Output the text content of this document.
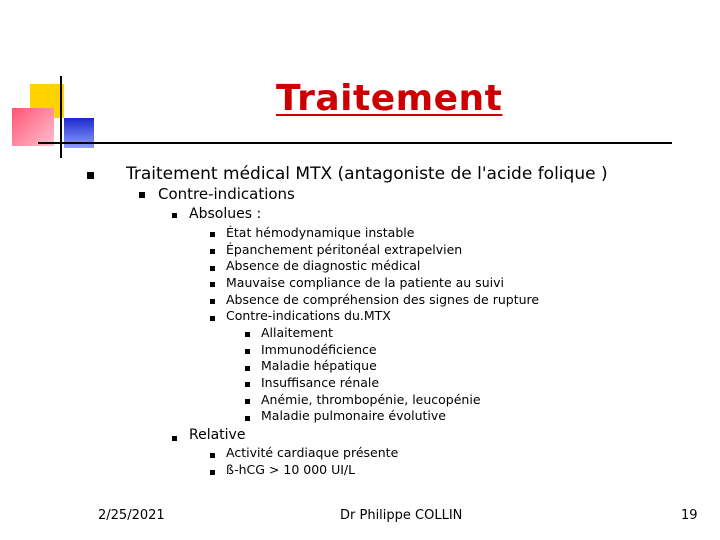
Traitement
Traitement médical MTX (antagoniste de l'acide folique )
Contre-indications
Absolues :
État hémodynamique instable
Épanchement péritonéal extrapelvien
Absence de diagnostic médical
Mauvaise compliance de la patiente au suivi
Absence de compréhension des signes de rupture
Contre-indications du.MTX
Allaitement
Immunodéficience
Maladie hépatique
Insuffisance rénale
Anémie, thrombopénie, leucopénie
Maladie pulmonaire évolutive
Relative
Activité cardiaque présente
ß-hCG > 10 000 UI/L
2/25/2021	Dr Philippe COLLIN	19
